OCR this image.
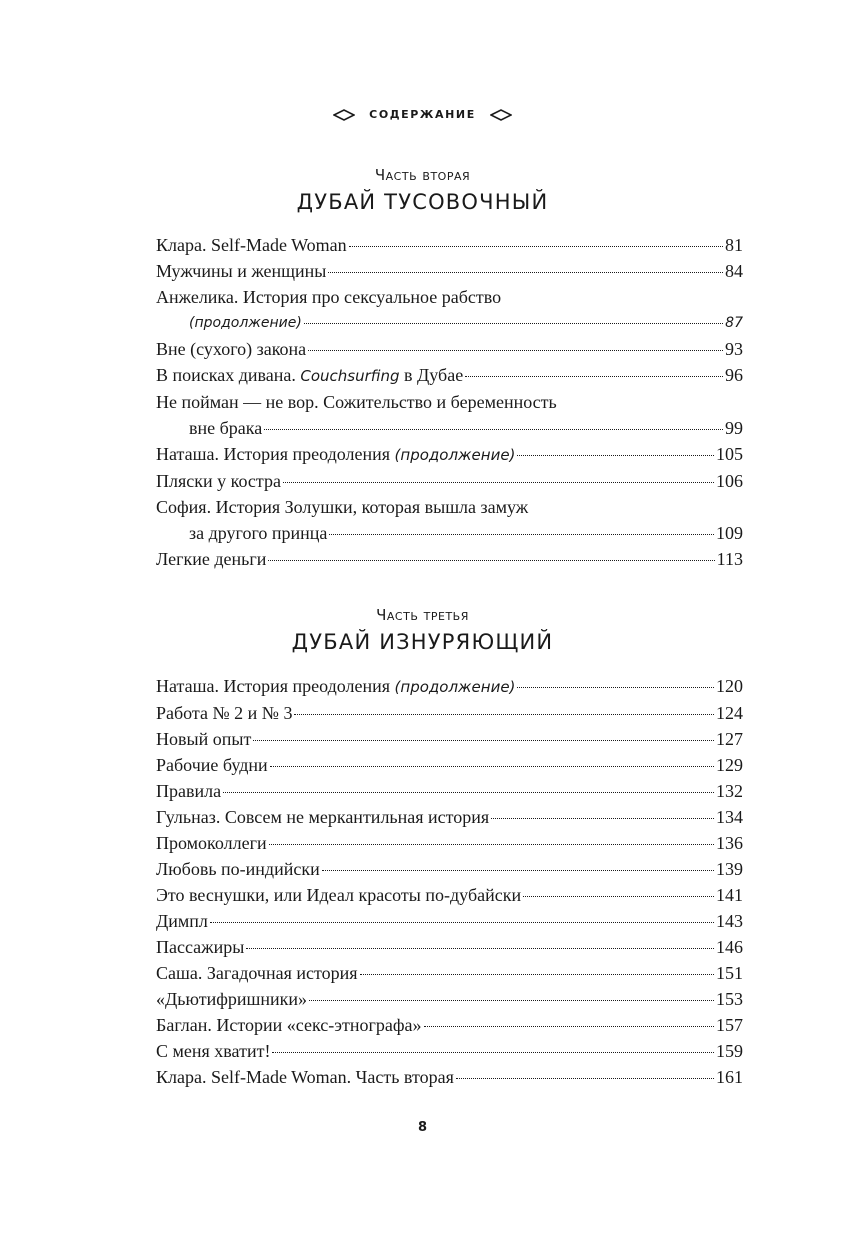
СОДЕРЖАНИЕ
Часть вторая
ДУБАЙ ТУСОВОЧНЫЙ
Клара. Self-Made Woman	81
Мужчины и женщины	84
Анжелика. История про сексуальное рабство
(продолжение)	87
Вне (сухого) закона	93
В поисках дивана. Couchsurfing в Дубае	96
Не пойман — не вор. Сожительство и беременность
вне брака	99
Наташа. История преодоления (продолжение)	105
Пляски у костра	106
София. История Золушки, которая вышла замуж
за другого принца	109
Легкие деньги	113
Часть третья
ДУБАЙ ИЗНУРЯЮЩИЙ
Наташа. История преодоления (продолжение)	120
Работа № 2 и № 3	124
Новый опыт	127
Рабочие будни	129
Правила	132
Гульназ. Совсем не меркантильная история	134
Промоколлеги	136
Любовь по-индийски	139
Это веснушки, или Идеал красоты по-дубайски	141
Димпл	143
Пассажиры	146
Саша. Загадочная история	151
«Дьютифришники»	153
Баглан. Истории «секс-этнографа»	157
С меня хватит!	159
Клара. Self-Made Woman. Часть вторая	161
8
